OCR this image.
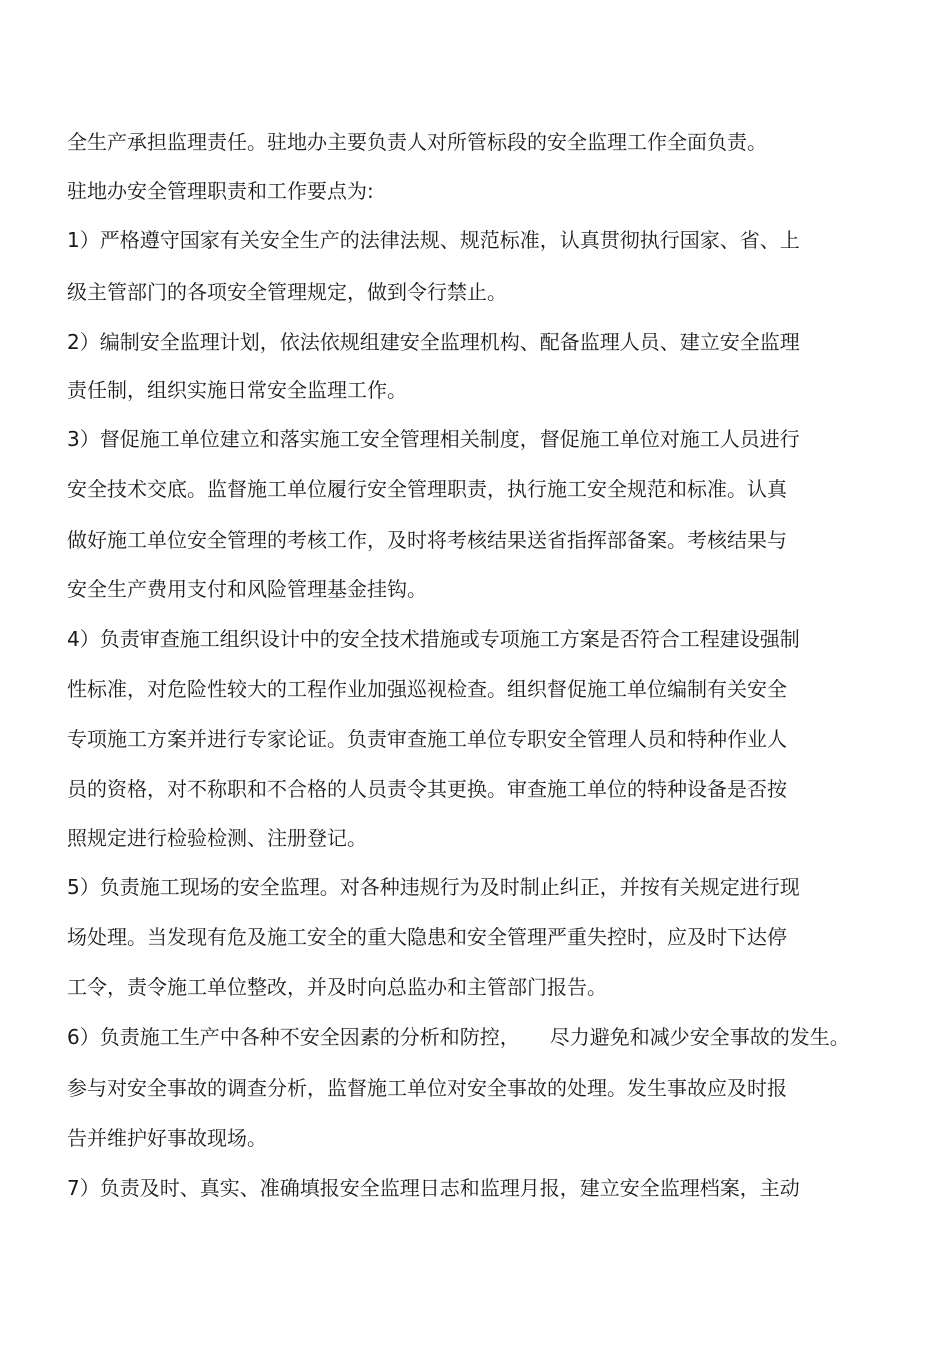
全生产承担监理责任。驻地办主要负责人对所管标段的安全监理工作全面负责。
驻地办安全管理职责和工作要点为:
1）严格遵守国家有关安全生产的法律法规、规范标准，认真贯彻执行国家、省、上
级主管部门的各项安全管理规定，做到令行禁止。
2）编制安全监理计划，依法依规组建安全监理机构、配备监理人员、建立安全监理
责任制，组织实施日常安全监理工作。
3）督促施工单位建立和落实施工安全管理相关制度，督促施工单位对施工人员进行
安全技术交底。监督施工单位履行安全管理职责，执行施工安全规范和标准。认真
做好施工单位安全管理的考核工作，及时将考核结果送省指挥部备案。考核结果与
安全生产费用支付和风险管理基金挂钩。
4）负责审查施工组织设计中的安全技术措施或专项施工方案是否符合工程建设强制
性标准，对危险性较大的工程作业加强巡视检查。组织督促施工单位编制有关安全
专项施工方案并进行专家论证。负责审查施工单位专职安全管理人员和特种作业人
员的资格，对不称职和不合格的人员责令其更换。审查施工单位的特种设备是否按
照规定进行检验检测、注册登记。
5）负责施工现场的安全监理。对各种违规行为及时制止纠正，并按有关规定进行现
场处理。当发现有危及施工安全的重大隐患和安全管理严重失控时，应及时下达停
工令，责令施工单位整改，并及时向总监办和主管部门报告。
6）负责施工生产中各种不安全因素的分析和防控，　　尽力避免和减少安全事故的发生。
参与对安全事故的调查分析，监督施工单位对安全事故的处理。发生事故应及时报
告并维护好事故现场。
7）负责及时、真实、准确填报安全监理日志和监理月报，建立安全监理档案，主动
